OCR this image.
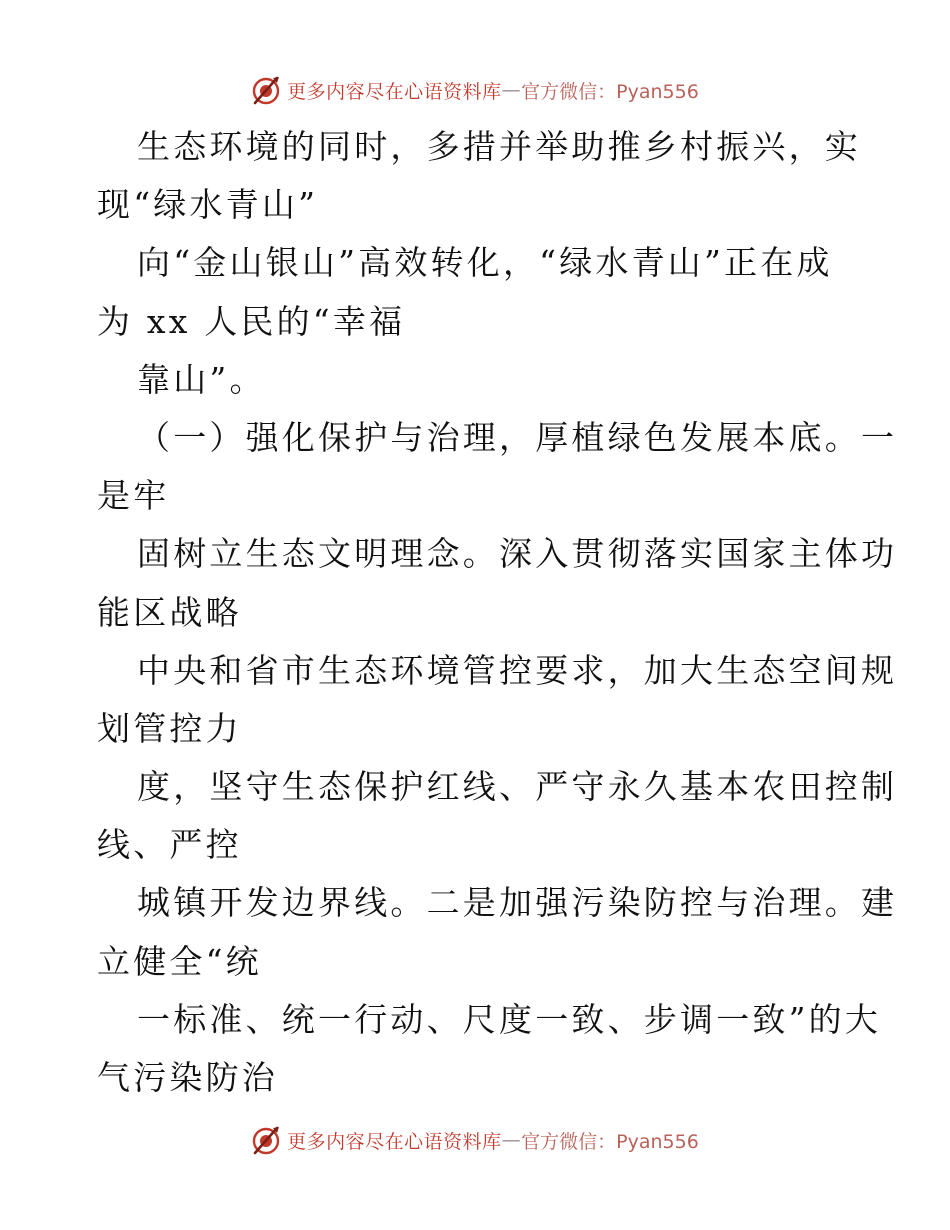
更多内容尽在心语资料库 — 官方微信：Pyan556
生态环境的同时，多措并举助推乡村振兴，实
现“绿水青山”
向“金山银山”高效转化，“绿水青山”正在成
为 xx 人民的“幸福
靠山”。
（一）强化保护与治理，厚植绿色发展本底。一
是牢
固树立生态文明理念。深入贯彻落实国家主体功
能区战略
中央和省市生态环境管控要求，加大生态空间规
划管控力
度，坚守生态保护红线、严守永久基本农田控制
线、严控
城镇开发边界线。二是加强污染防控与治理。建
立健全“统
一标准、统一行动、尺度一致、步调一致”的大
气污染防治
更多内容尽在心语资料库 — 官方微信：Pyan556
